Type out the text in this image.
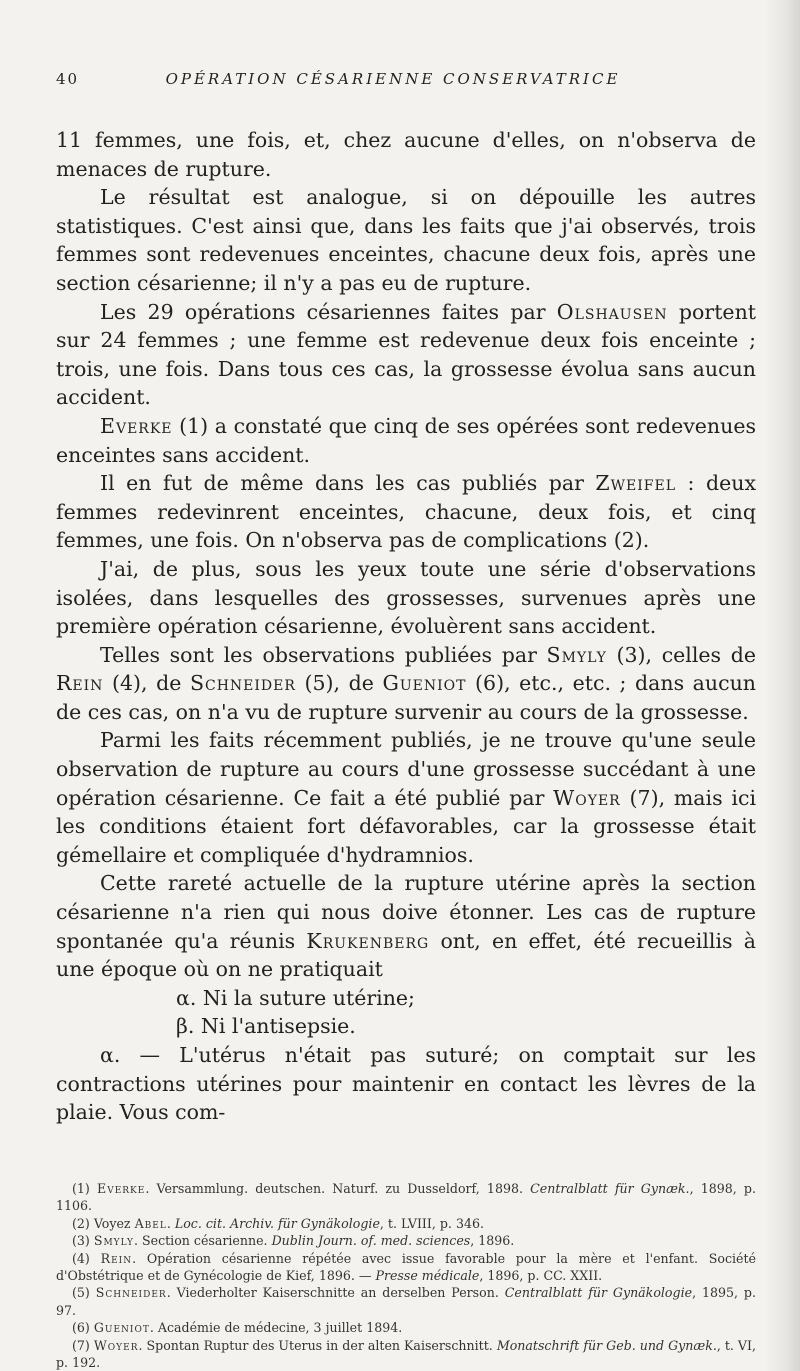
40	OPÉRATION CÉSARIENNE CONSERVATRICE

11 femmes, une fois, et, chez aucune d'elles, on n'observa de menaces de rupture.

Le résultat est analogue, si on dépouille les autres statistiques. C'est ainsi que, dans les faits que j'ai observés, trois femmes sont redevenues enceintes, chacune deux fois, après une section césarienne; il n'y a pas eu de rupture.

Les 29 opérations césariennes faites par Olshausen portent sur 24 femmes ; une femme est redevenue deux fois enceinte ; trois, une fois. Dans tous ces cas, la grossesse évolua sans aucun accident.

Everke (1) a constaté que cinq de ses opérées sont redevenues enceintes sans accident.

Il en fut de même dans les cas publiés par Zweifel : deux femmes redevinrent enceintes, chacune, deux fois, et cinq femmes, une fois. On n'observa pas de complications (2).

J'ai, de plus, sous les yeux toute une série d'observations isolées, dans lesquelles des grossesses, survenues après une première opération césarienne, évoluèrent sans accident.

Telles sont les observations publiées par Smyly (3), celles de Rein (4), de Schneider (5), de Gueniot (6), etc., etc. ; dans aucun de ces cas, on n'a vu de rupture survenir au cours de la grossesse.

Parmi les faits récemment publiés, je ne trouve qu'une seule observation de rupture au cours d'une grossesse succédant à une opération césarienne. Ce fait a été publié par Woyer (7), mais ici les conditions étaient fort défavorables, car la grossesse était gémellaire et compliquée d'hydramnios.

Cette rareté actuelle de la rupture utérine après la section césarienne n'a rien qui nous doive étonner. Les cas de rupture spontanée qu'a réunis Krukenberg ont, en effet, été recueillis à une époque où on ne pratiquait

α. Ni la suture utérine;

β. Ni l'antisepsie.

α. — L'utérus n'était pas suturé; on comptait sur les contractions utérines pour maintenir en contact les lèvres de la plaie. Vous com-

(1) Everke. Versammlung. deutschen. Naturf. zu Dusseldorf, 1898. Centralblatt für Gynæk., 1898, p. 1106.

(2) Voyez Abel. Loc. cit. Archiv. für Gynäkologie, t. LVIII, p. 346.

(3) Smyly. Section césarienne. Dublin Journ. of. med. sciences, 1896.

(4) Rein. Opération césarienne répétée avec issue favorable pour la mère et l'enfant. Société d'Obstétrique et de Gynécologie de Kief, 1896. — Presse médicale, 1896, p. CC. XXII.

(5) Schneider. Viederholter Kaiserschnitte an derselben Person. Centralblatt für Gynäkologie, 1895, p. 97.

(6) Gueniot. Académie de médecine, 3 juillet 1894.

(7) Woyer. Spontan Ruptur des Uterus in der alten Kaiserschnitt. Monatschrift für Geb. und Gynæk., t. VI, p. 192.
